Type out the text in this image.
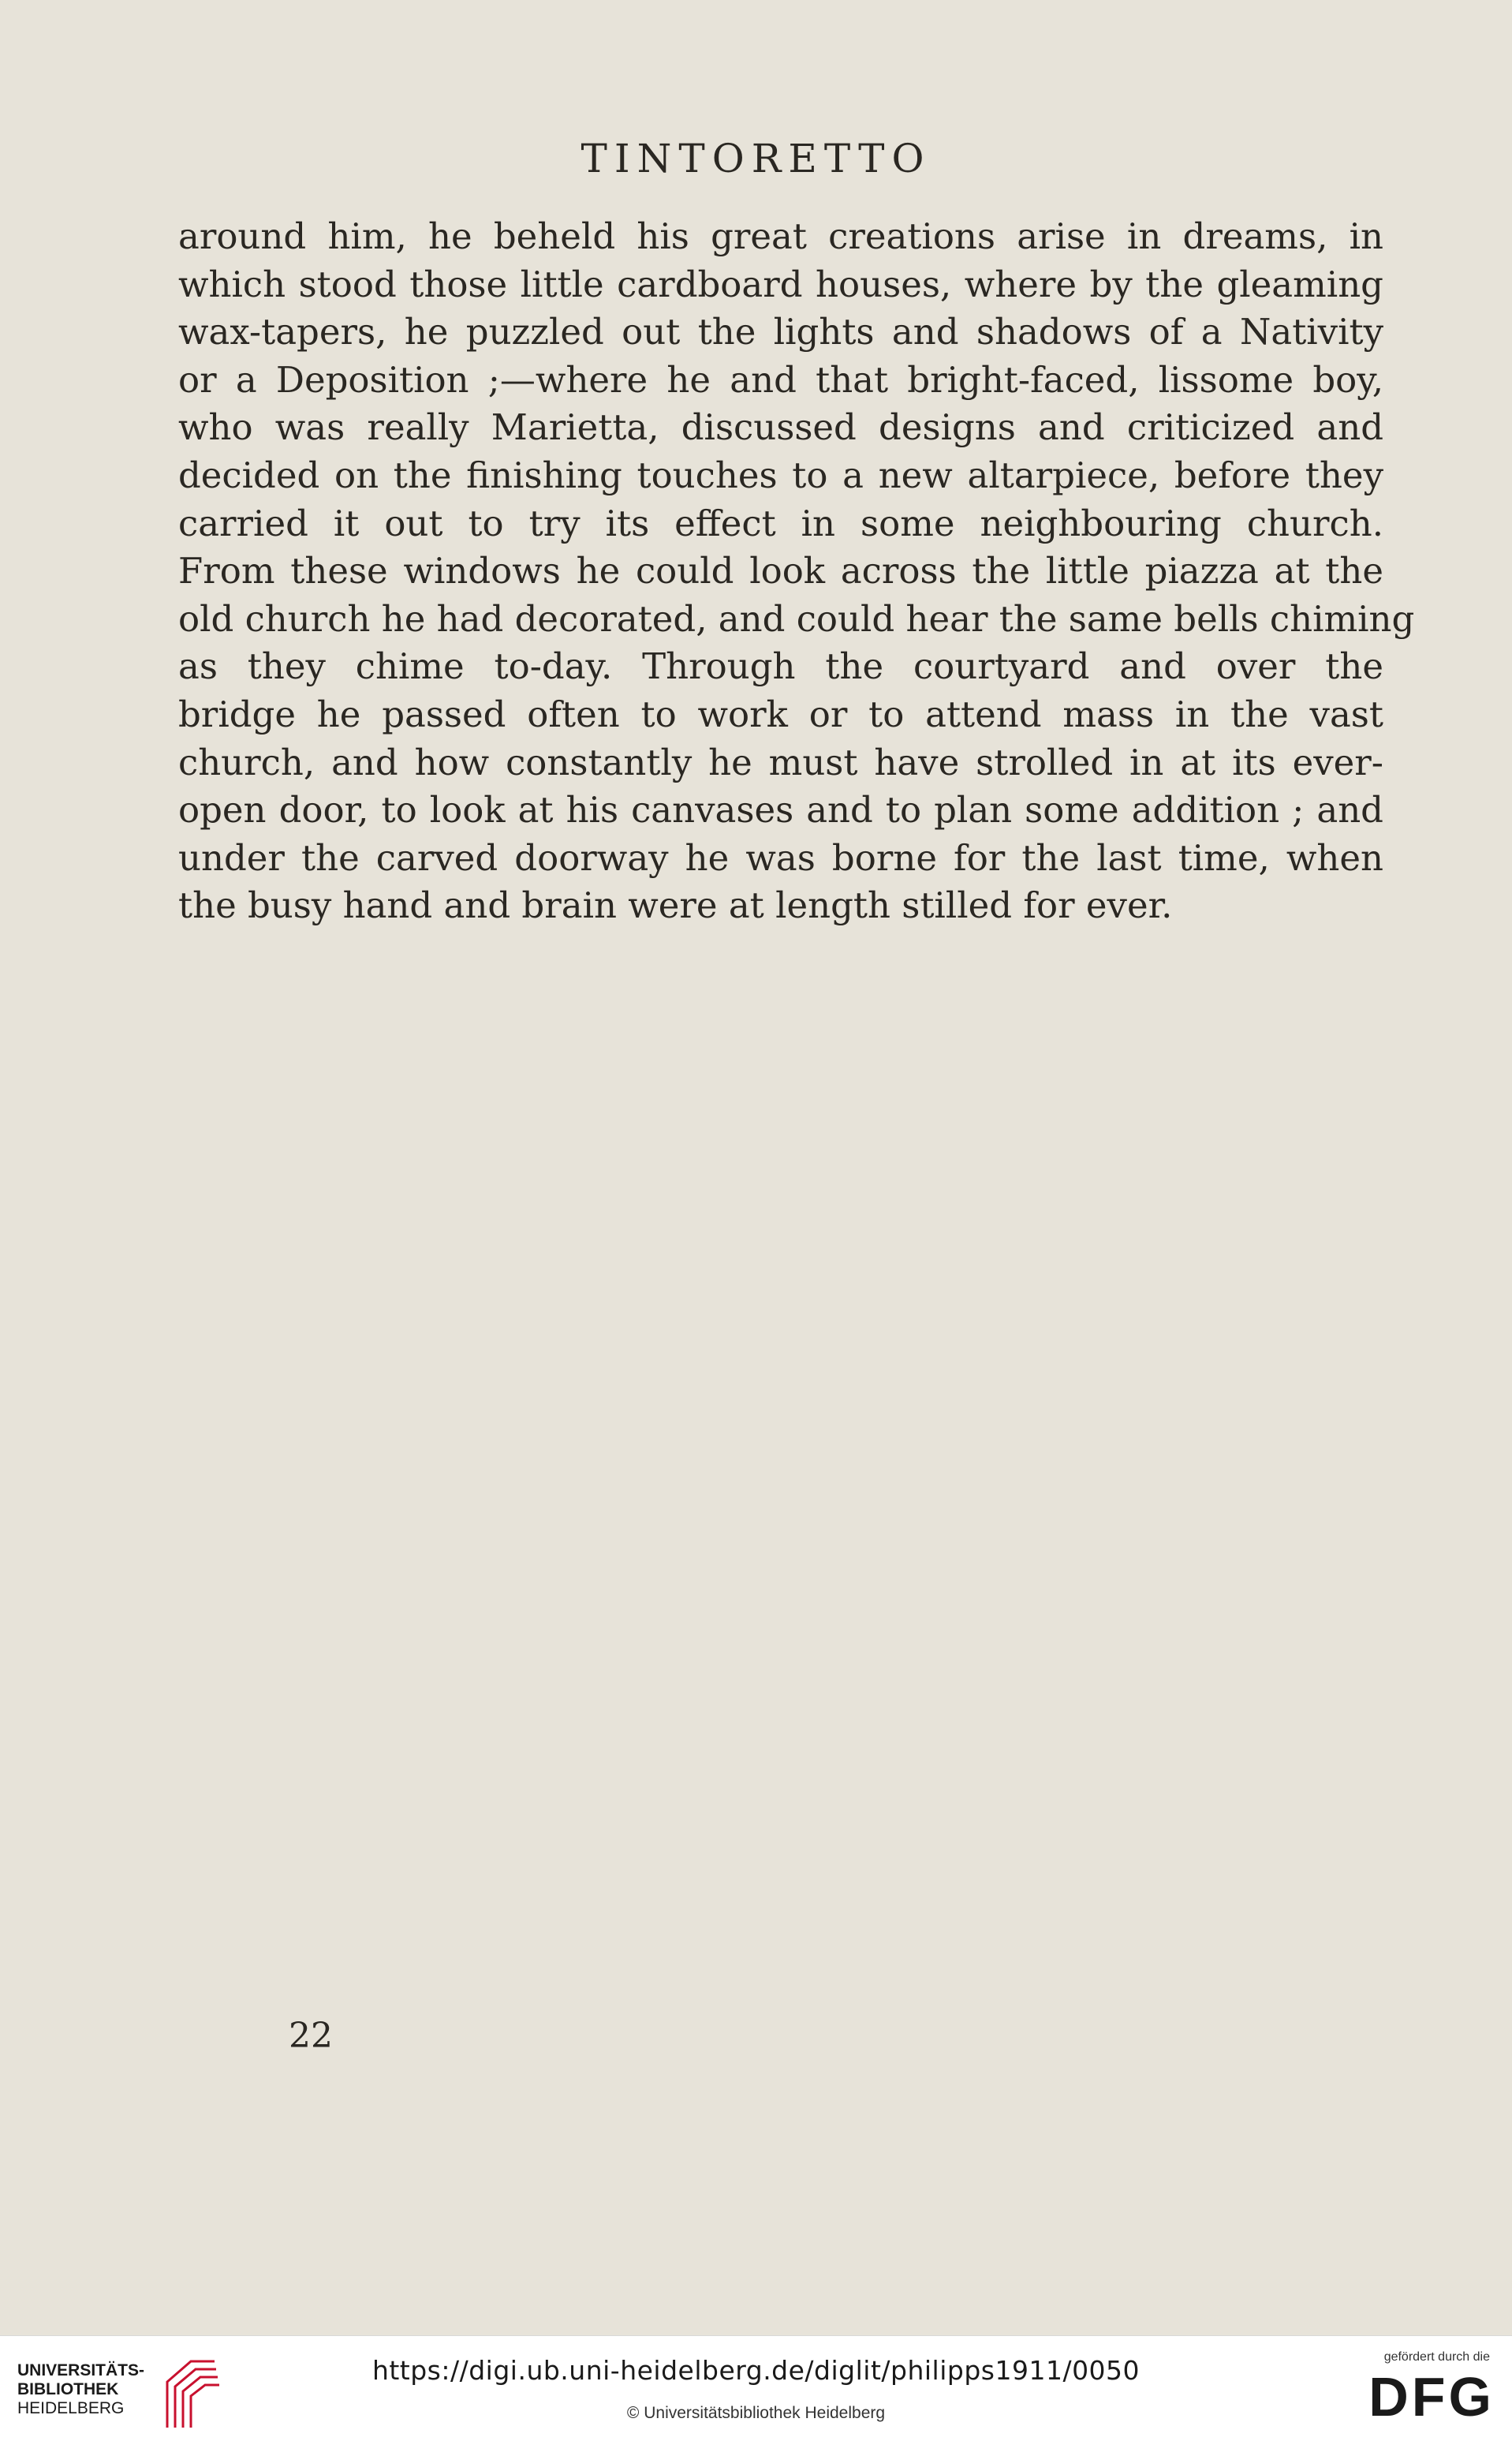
TINTORETTO
around him, he beheld his great creations arise in dreams, in
which stood those little cardboard houses, where by the gleaming
wax-tapers, he puzzled out the lights and shadows of a Nativity
or a Deposition ;—where he and that bright-faced, lissome boy,
who was really Marietta, discussed designs and criticized and
decided on the finishing touches to a new altarpiece, before they
carried it out to try its effect in some neighbouring church.
From these windows he could look across the little piazza at the
old church he had decorated, and could hear the same bells chiming
as they chime to-day. Through the courtyard and over the
bridge he passed often to work or to attend mass in the vast
church, and how constantly he must have strolled in at its ever-
open door, to look at his canvases and to plan some addition ; and
under the carved doorway he was borne for the last time, when
the busy hand and brain were at length stilled for ever.

22

UNIVERSITÄTS-
BIBLIOTHEK
HEIDELBERG
https://digi.ub.uni-heidelberg.de/diglit/philipps1911/0050
© Universitätsbibliothek Heidelberg
gefördert durch die
DFG
